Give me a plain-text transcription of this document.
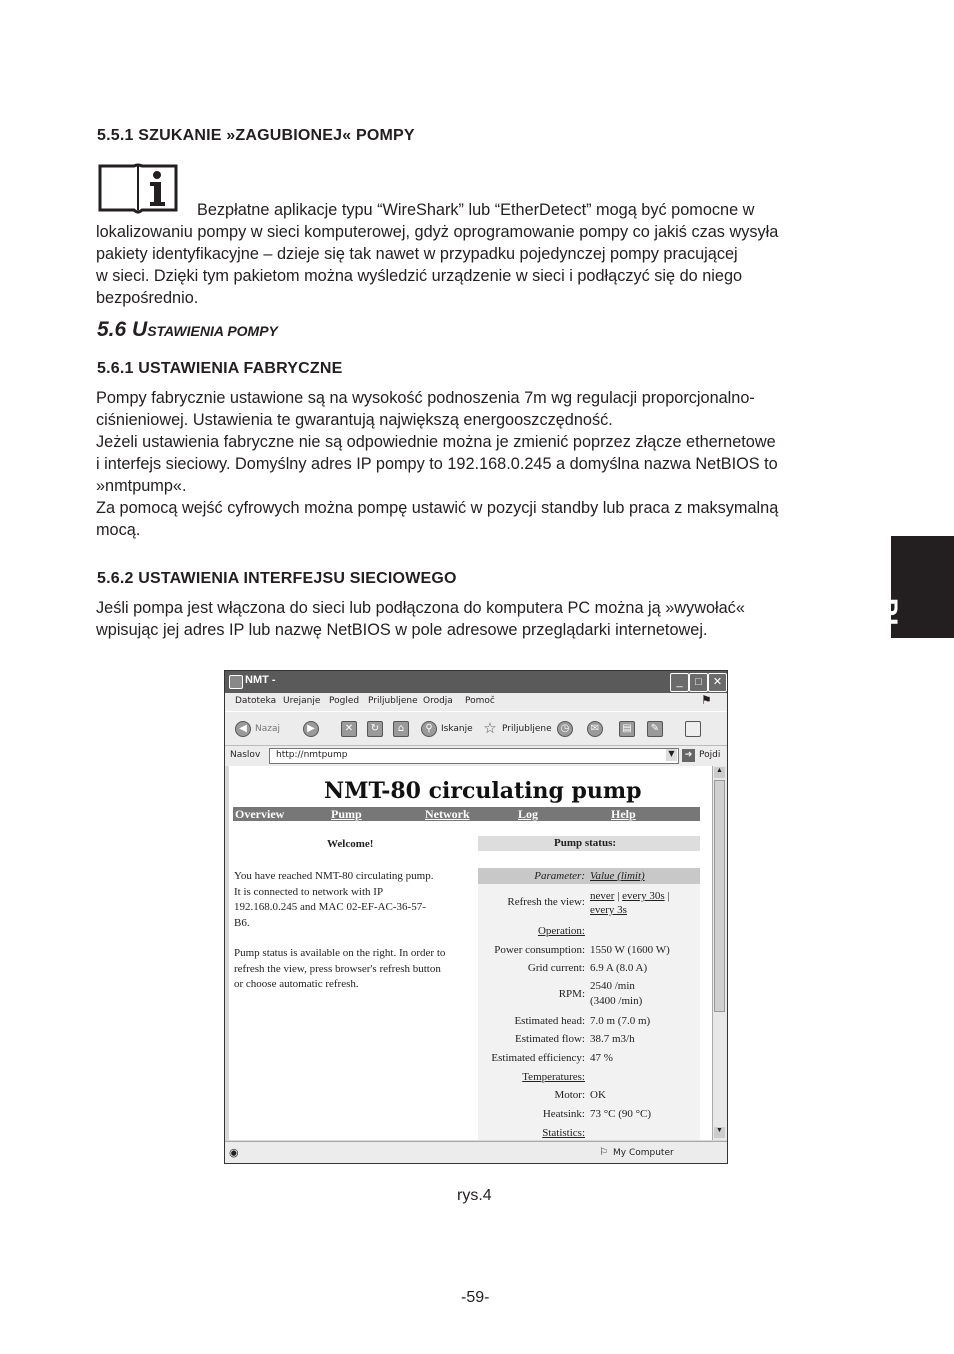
5.5.1 SZUKANIE »ZAGUBIONEJ« POMPY
Bezpłatne aplikacje typu “WireShark” lub “EtherDetect” mogą być pomocne w
lokalizowaniu pompy w sieci komputerowej, gdyż oprogramowanie pompy co jakiś czas wysyła
pakiety identyfikacyjne – dzieje się tak nawet w przypadku pojedynczej pompy pracującej
w sieci. Dzięki tym pakietom można wyśledzić urządzenie w sieci i podłączyć się do niego
bezpośrednio.
5.6 USTAWIENIA POMPY
5.6.1 USTAWIENIA FABRYCZNE
Pompy fabrycznie ustawione są na wysokość podnoszenia 7m wg regulacji proporcjonalno-
ciśnieniowej. Ustawienia te gwarantują największą energooszczędność.
Jeżeli ustawienia fabryczne nie są odpowiednie można je zmienić poprzez złącze ethernetowe
i interfejs sieciowy. Domyślny adres IP pompy to 192.168.0.245 a domyślna nazwa NetBIOS to
»nmtpump«.
Za pomocą wejść cyfrowych można pompę ustawić w pozycji standby lub praca z maksymalną
mocą.
5.6.2 USTAWIENIA INTERFEJSU SIECIOWEGO
Jeśli pompa jest włączona do sieci lub podłączona do komputera PC można ją »wywołać«
wpisując jej adres IP lub nazwę NetBIOS w pole adresowe przeglądarki internetowej.	PL
NMT -	_	□	✕
Datoteka Urejanje Pogled Priljubljene Orodja Pomoč	⚑
◀ Nazaj	▶	✕	↻	⌂	⚲ Iskanje ☆ Priljubljene ◷	✉	▤	✎
Naslov http://nmtpump	▼	➜ Pojdi
NMT-80 circulating pump
Overview	Pump	Network	Log	Help
Welcome!	Pump status:
You have reached NMT-80 circulating pump.
It is connected to network with IP
192.168.0.245 and MAC 02-EF-AC-36-57-
B6.
Pump status is available on the right. In order to
refresh the view, press browser's refresh button
or choose automatic refresh.
Parameter: Value (limit)
Refresh the view: never | every 30s |
every 3s
Operation:
Power consumption: 1550 W (1600 W)
Grid current: 6.9 A (8.0 A)
RPM:
2540 /min
(3400 /min)
Estimated head: 7.0 m (7.0 m)
Estimated flow: 38.7 m3/h
Estimated efficiency: 47 %
Temperatures:
Motor: OK
Heatsink: 73 °C (90 °C)
Statistics:
▲
▼
◉	⚐ My Computer
rys.4
-59-
